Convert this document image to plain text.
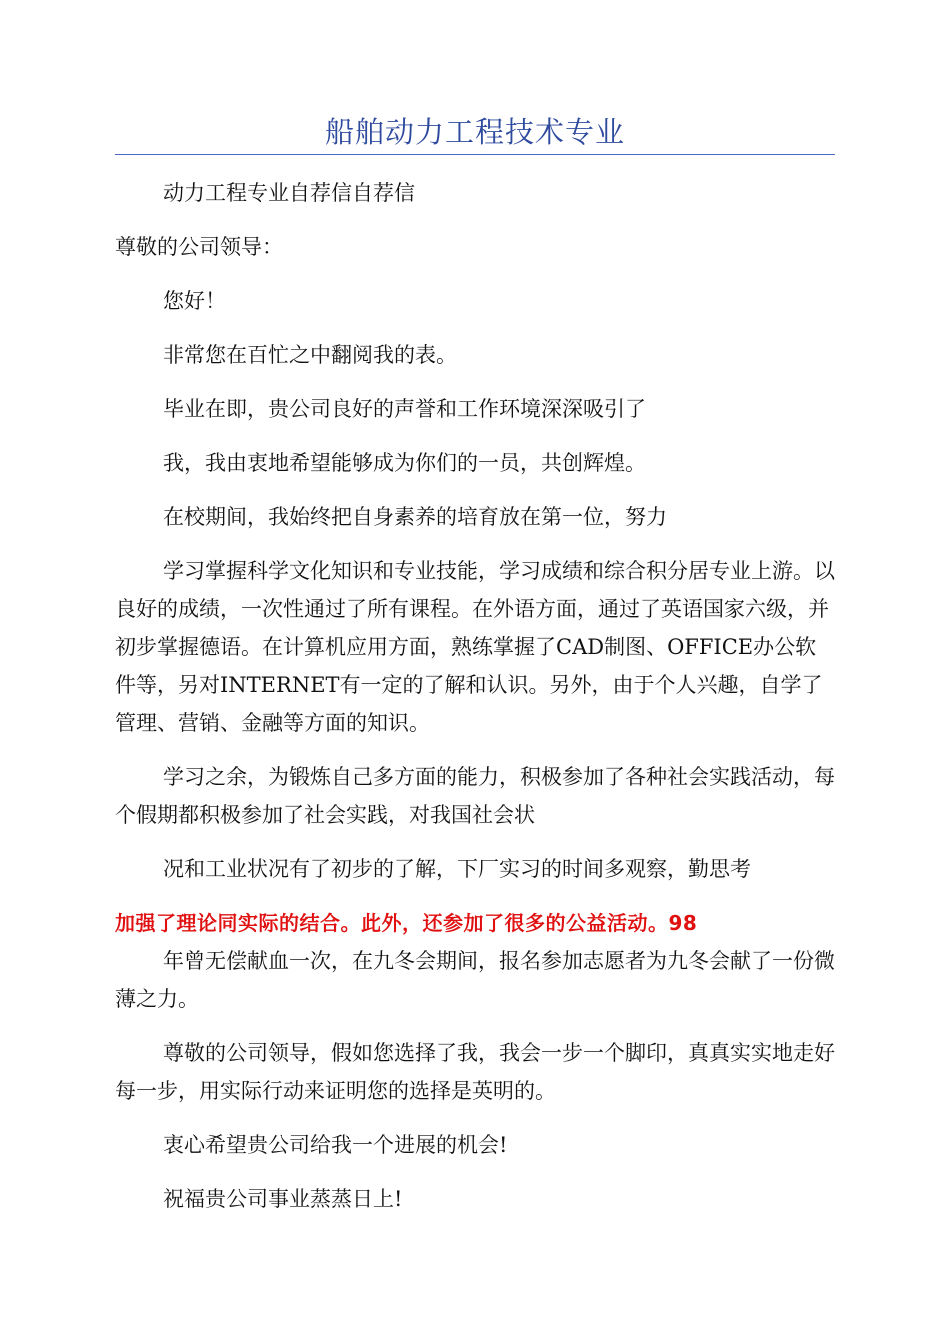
船舶动力工程技术专业

动力工程专业自荐信自荐信

尊敬的公司领导：

您好！

非常您在百忙之中翻阅我的表。

毕业在即，贵公司良好的声誉和工作环境深深吸引了

我，我由衷地希望能够成为你们的一员，共创辉煌。

在校期间，我始终把自身素养的培育放在第一位，努力

学习掌握科学文化知识和专业技能，学习成绩和综合积分居专业上游。以良好的成绩，一次性通过了所有课程。在外语方面，通过了英语国家六级，并初步掌握德语。在计算机应用方面，熟练掌握了CAD制图、OFFICE办公软件等，另对INTERNET有一定的了解和认识。另外，由于个人兴趣，自学了管理、营销、金融等方面的知识。

学习之余，为锻炼自己多方面的能力，积极参加了各种社会实践活动，每个假期都积极参加了社会实践，对我国社会状

况和工业状况有了初步的了解，下厂实习的时间多观察，勤思考

加强了理论同实际的结合。此外，还参加了很多的公益活动。98

年曾无偿献血一次，在九冬会期间，报名参加志愿者为九冬会献了一份微薄之力。

尊敬的公司领导，假如您选择了我，我会一步一个脚印，真真实实地走好每一步，用实际行动来证明您的选择是英明的。

衷心希望贵公司给我一个进展的机会!

祝福贵公司事业蒸蒸日上!
